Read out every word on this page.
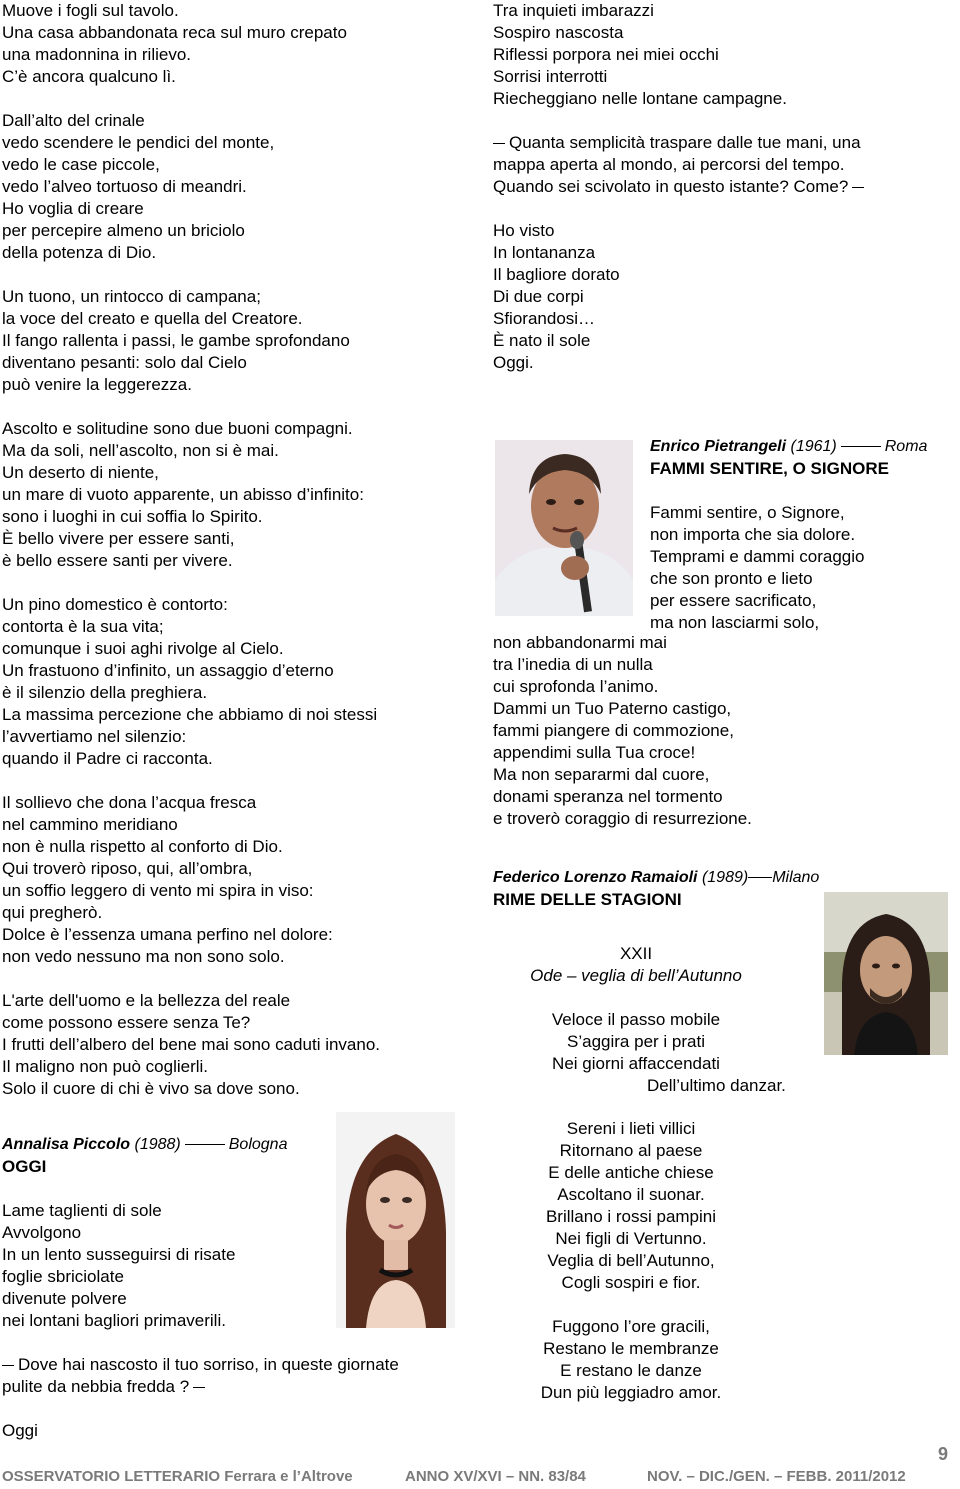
Muove i fogli sul tavolo.
Una casa abbandonata reca sul muro crepato
una madonnina in rilievo.
C’è ancora qualcuno lì.
Dall’alto del crinale
vedo scendere le pendici del monte,
vedo le case piccole,
vedo l’alveo tortuoso di meandri.
Ho voglia di creare
per percepire almeno un briciolo
della potenza di Dio.
Un tuono, un rintocco di campana;
la voce del creato e quella del Creatore.
Il fango rallenta i passi, le gambe sprofondano
diventano pesanti: solo dal Cielo
può venire la leggerezza.
Ascolto e solitudine sono due buoni compagni.
Ma da soli, nell’ascolto, non si è mai.
Un deserto di niente,
un mare di vuoto apparente, un abisso d’infinito:
sono i luoghi in cui soffia lo Spirito.
È bello vivere per essere santi,
è bello essere santi per vivere.
Un pino domestico è contorto:
contorta è la sua vita;
comunque i suoi aghi rivolge al Cielo.
Un frastuono d’infinito, un assaggio d’eterno
è il silenzio della preghiera.
La massima percezione che abbiamo di noi stessi
l’avvertiamo nel silenzio:
quando il Padre ci racconta.
Il sollievo che dona l’acqua fresca
nel cammino meridiano
non è nulla rispetto al conforto di Dio.
Qui troverò riposo, qui, all’ombra,
un soffio leggero di vento mi spira in viso:
qui pregherò.
Dolce è l’essenza umana perfino nel dolore:
non vedo nessuno ma non sono solo.
L'arte dell'uomo e la bellezza del reale
come possono essere senza Te?
I frutti dell’albero del bene mai sono caduti invano.
Il maligno non può coglierli.
Solo il cuore di chi è vivo sa dove sono.
Annalisa Piccolo (1988)	Bologna
OGGI
Lame taglienti di sole
Avvolgono
In un lento susseguirsi di risate
foglie sbriciolate
divenute polvere
nei lontani bagliori primaverili.
Dove hai nascosto il tuo sorriso, in queste giornate
pulite da nebbia fredda ?
Oggi
Tra inquieti imbarazzi
Sospiro nascosta
Riflessi porpora nei miei occhi
Sorrisi interrotti
Riecheggiano nelle lontane campagne.
Quanta semplicità traspare dalle tue mani, una
mappa aperta al mondo, ai percorsi del tempo.
Quando sei scivolato in questo istante? Come?
Ho visto
In lontananza
Il bagliore dorato
Di due corpi
Sfiorandosi…
È nato il sole
Oggi.
Enrico Pietrangeli (1961)	Roma
FAMMI SENTIRE, O SIGNORE
Fammi sentire, o Signore,
non importa che sia dolore.
Temprami e dammi coraggio
che son pronto e lieto
per essere sacrificato,
ma non lasciarmi solo,
non abbandonarmi mai
tra l’inedia di un nulla
cui sprofonda l’animo.
Dammi un Tuo Paterno castigo,
fammi piangere di commozione,
appendimi sulla Tua croce!
Ma non separarmi dal cuore,
donami speranza nel tormento
e troverò coraggio di resurrezione.
Federico Lorenzo Ramaioli (1989) Milano
RIME DELLE STAGIONI
XXII
Ode – veglia di bell’Autunno
Veloce il passo mobile
S’aggira per i prati
Nei giorni affaccendati
Dell’ultimo danzar.
Sereni i lieti villici
Ritornano al paese
E delle antiche chiese
Ascoltano il suonar.
Brillano i rossi pampini
Nei figli di Vertunno.
Veglia di bell’Autunno,
Cogli sospiri e fior.
Fuggono l’ore gracili,
Restano le membranze
E restano le danze
Dun più leggiadro amor.
9
OSSERVATORIO LETTERARIO Ferrara e l’Altrove	ANNO XV/XVI – NN. 83/84	NOV. – DIC./GEN. – FEBB. 2011/2012
